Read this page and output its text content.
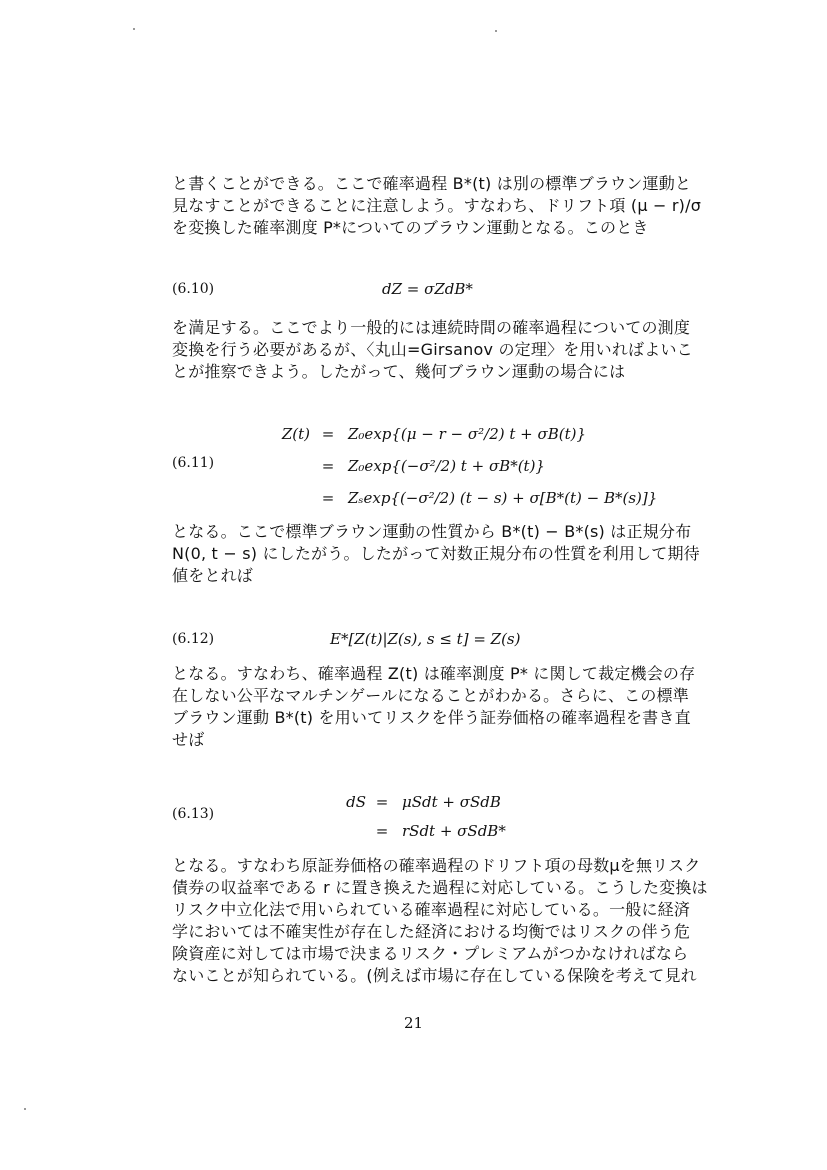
と書くことができる。ここで確率過程 B*(t) は別の標準ブラウン運動と
見なすことができることに注意しよう。すなわち、ドリフト項 (μ − r)/σ
を変換した確率測度 P*についてのブラウン運動となる。このとき
(6.10)	dZ = σZdB*
を満足する。ここでより一般的には連続時間の確率過程についての測度
変換を行う必要があるが、〈丸山=Girsanov の定理〉を用いればよいこ
とが推察できよう。したがって、幾何ブラウン運動の場合には
(6.11)
Z(t) = Z₀exp{(μ − r − σ²/2) t + σB(t)}
= Z₀exp{(−σ²/2) t + σB*(t)}
= Zₛexp{(−σ²/2) (t − s) + σ[B*(t) − B*(s)]}
となる。ここで標準ブラウン運動の性質から B*(t) − B*(s) は正規分布
N(0, t − s) にしたがう。したがって対数正規分布の性質を利用して期待
値をとれば
(6.12)	E*[Z(t)|Z(s), s ≤ t] = Z(s)
となる。すなわち、確率過程 Z(t) は確率測度 P* に関して裁定機会の存
在しない公平なマルチンゲールになることがわかる。さらに、この標準
ブラウン運動 B*(t) を用いてリスクを伴う証券価格の確率過程を書き直
せば
(6.13)
dS = μSdt + σSdB
= rSdt + σSdB*
となる。すなわち原証券価格の確率過程のドリフト項の母数μを無リスク
債券の収益率である r に置き換えた過程に対応している。こうした変換は
リスク中立化法で用いられている確率過程に対応している。一般に経済
学においては不確実性が存在した経済における均衡ではリスクの伴う危
険資産に対しては市場で決まるリスク・プレミアムがつかなければなら
ないことが知られている。(例えば市場に存在している保険を考えて見れ
21
